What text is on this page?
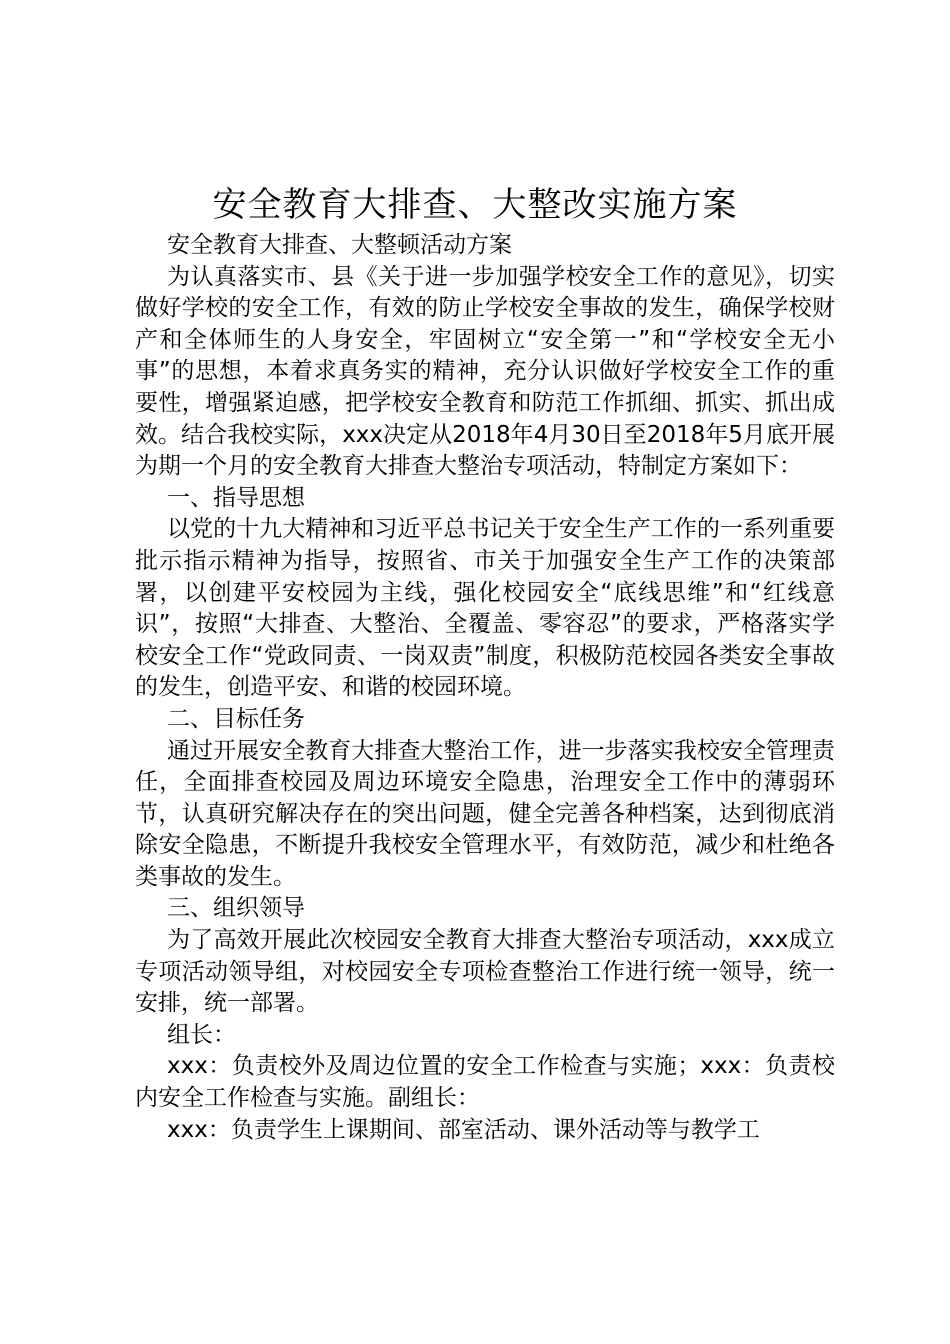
安全教育大排查、大整改实施方案

安全教育大排查、大整顿活动方案

为认真落实市、县《关于进一步加强学校安全工作的意见》，切实做好学校的安全工作，有效的防止学校安全事故的发生，确保学校财产和全体师生的人身安全，牢固树立“安全第一”和“学校安全无小事”的思想，本着求真务实的精神，充分认识做好学校安全工作的重要性，增强紧迫感，把学校安全教育和防范工作抓细、抓实、抓出成效。结合我校实际，xxx决定从2018年4月30日至2018年5月底开展为期一个月的安全教育大排查大整治专项活动，特制定方案如下：

一、指导思想

以党的十九大精神和习近平总书记关于安全生产工作的一系列重要批示指示精神为指导，按照省、市关于加强安全生产工作的决策部署，以创建平安校园为主线，强化校园安全“底线思维”和“红线意识”，按照“大排查、大整治、全覆盖、零容忍”的要求，严格落实学校安全工作“党政同责、一岗双责”制度，积极防范校园各类安全事故的发生，创造平安、和谐的校园环境。

二、目标任务

通过开展安全教育大排查大整治工作，进一步落实我校安全管理责任，全面排查校园及周边环境安全隐患，治理安全工作中的薄弱环节，认真研究解决存在的突出问题，健全完善各种档案，达到彻底消除安全隐患，不断提升我校安全管理水平，有效防范，减少和杜绝各类事故的发生。

三、组织领导

为了高效开展此次校园安全教育大排查大整治专项活动，xxx成立专项活动领导组，对校园安全专项检查整治工作进行统一领导，统一安排，统一部署。

组长：

xxx：负责校外及周边位置的安全工作检查与实施；xxx：负责校内安全工作检查与实施。副组长：

xxx：负责学生上课期间、部室活动、课外活动等与教学工
